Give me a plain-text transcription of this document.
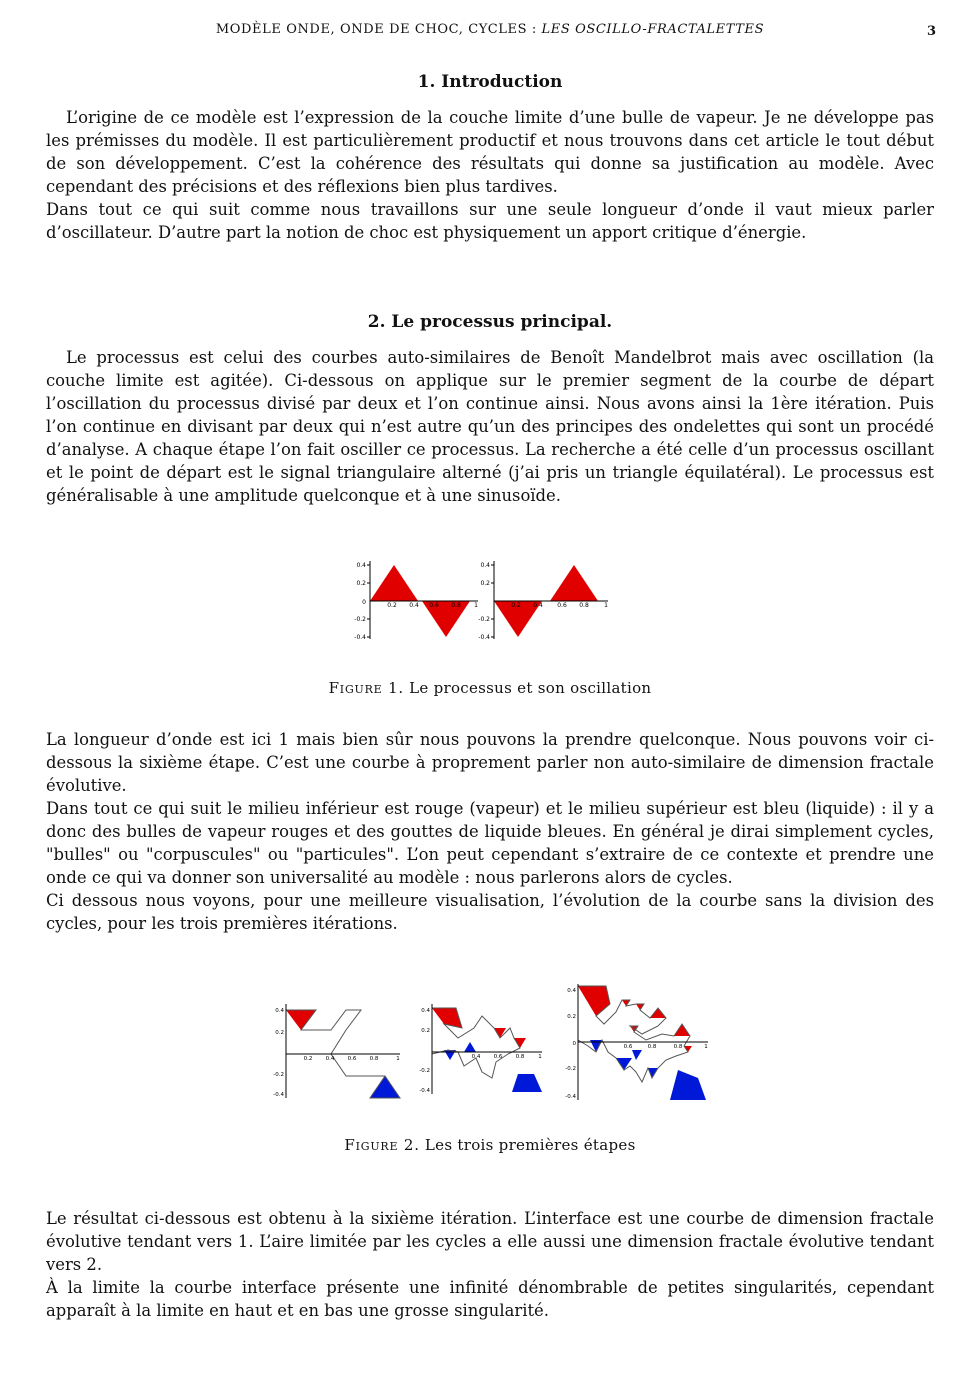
MODÈLE ONDE, ONDE DE CHOC, CYCLES : LES OSCILLO-FRACTALETTES	3
1. Introduction

L’origine de ce modèle est l’expression de la couche limite d’une bulle de vapeur. Je ne développe pas les prémisses du modèle. Il est particulièrement productif et nous trouvons dans cet article le tout début de son développement. C’est la cohérence des résultats qui donne sa justification au modèle. Avec cependant des précisions et des réflexions bien plus tardives.

Dans tout ce qui suit comme nous travaillons sur une seule longueur d’onde il vaut mieux parler d’oscillateur. D’autre part la notion de choc est physiquement un apport critique d’énergie.

2. Le processus principal.

Le processus est celui des courbes auto-similaires de Benoît Mandelbrot mais avec oscillation (la couche limite est agitée). Ci-dessous on applique sur le premier segment de la courbe de départ l’oscillation du processus divisé par deux et l’on continue ainsi. Nous avons ainsi la 1ère itération. Puis l’on continue en divisant par deux qui n’est autre qu’un des principes des ondelettes qui sont un procédé d’analyse. A chaque étape l’on fait osciller ce processus. La recherche a été celle d’un processus oscillant et le point de départ est le signal triangulaire alterné (j’ai pris un triangle équilatéral). Le processus est généralisable à une amplitude quelconque et à une sinusoïde.

0.4
0.2
-0.2
-0.4
0	0.2 0.4 0.6 0.8 1
0.4
0.2
-0.2
-0.4
0.2 0.4 0.6 0.8	1
Figure 1. Le processus et son oscillation

La longueur d’onde est ici 1 mais bien sûr nous pouvons la prendre quelconque. Nous pouvons voir ci-dessous la sixième étape. C’est une courbe à proprement parler non auto-similaire de dimension fractale évolutive.

Dans tout ce qui suit le milieu inférieur est rouge (vapeur) et le milieu supérieur est bleu (liquide) : il y a donc des bulles de vapeur rouges et des gouttes de liquide bleues. En général je dirai simplement cycles, "bulles" ou "corpuscules" ou "particules". L’on peut cependant s’extraire de ce contexte et prendre une onde ce qui va donner son universalité au modèle : nous parlerons alors de cycles.

Ci dessous nous voyons, pour une meilleure visualisation, l’évolution de la courbe sans la division des cycles, pour les trois premières itérations.

0.4
0.2
-0.2
-0.4
0.2 0.4 0.6 0.8	1
0.4
0.2
-0.2
-0.4
0.4 0.6 0.8	1
0.4
0.2
-0.2
-0.4
0	0.6	0.8	0.8	1
Figure 2. Les trois premières étapes

Le résultat ci-dessous est obtenu à la sixième itération. L’interface est une courbe de dimension fractale évolutive tendant vers 1. L’aire limitée par les cycles a elle aussi une dimension fractale évolutive tendant vers 2.

À la limite la courbe interface présente une infinité dénombrable de petites singularités, cependant apparaît à la limite en haut et en bas une grosse singularité.
